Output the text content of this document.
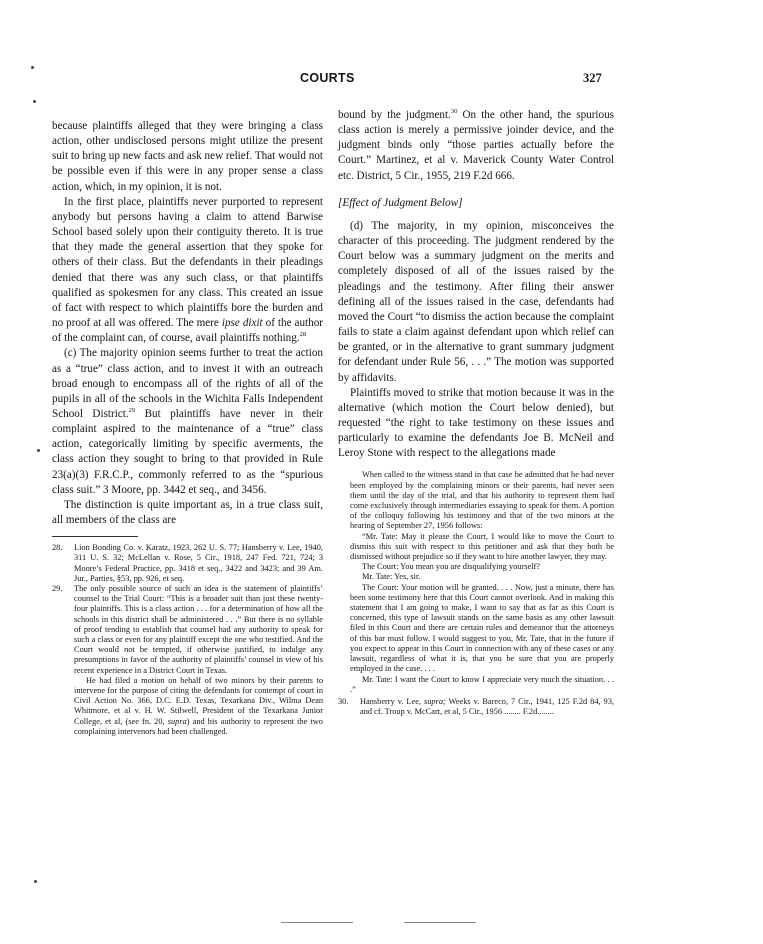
COURTS	327

because plaintiffs alleged that they were bringing a class action, other undisclosed persons might utilize the present suit to bring up new facts and ask new relief. That would not be possible even if this were in any proper sense a class action, which, in my opinion, it is not.

In the first place, plaintiffs never purported to represent anybody but persons having a claim to attend Barwise School based solely upon their contiguity thereto. It is true that they made the general assertion that they spoke for others of their class. But the defendants in their pleadings denied that there was any such class, or that plaintiffs qualified as spokesmen for any class. This created an issue of fact with respect to which plaintiffs bore the burden and no proof at all was offered. The mere ipse dixit of the author of the complaint can, of course, avail plaintiffs nothing.$^{28}$

(c) The majority opinion seems further to treat the action as a “true” class action, and to invest it with an outreach broad enough to encompass all of the rights of all of the pupils in all of the schools in the Wichita Falls Independent School District.$^{29}$ But plaintiffs have never in their complaint aspired to the maintenance of a “true” class action, categorically limiting by specific averments, the class action they sought to bring to that provided in Rule 23(a)(3) F.R.C.P., commonly referred to as the “spurious class suit.” 3 Moore, pp. 3442 et seq., and 3456.

The distinction is quite important as, in a true class suit, all members of the class are

28.	Lion Bonding Co. v. Karatz, 1923, 262 U. S. 77; Hansberry v. Lee, 1940, 311 U. S. 32; McLellan v. Rose, 5 Cir., 1918, 247 Fed. 721, 724; 3 Moore’s Federal Practice, pp. 3418 et seq., 3422 and 3423; and 39 Am. Jur., Parties, §53, pp. 926, et seq.
29.	The only possible source of such an idea is the statement of plaintiffs’ counsel to the Trial Court: “This is a broader suit than just these twenty-four plaintiffs. This is a class action . . . for a determination of how all the schools in this district shall be administered . . .” But there is no syllable of proof tending to establish that counsel had any authority to speak for such a class or even for any plaintiff except the one who testified. And the Court would not be tempted, if otherwise justified, to indulge any presumptions in favor of the authority of plaintiffs’ counsel in view of his recent experience in a District Court in Texas.

He had filed a motion on behalf of two minors by their parents to intervene for the purpose of citing the defendants for contempt of court in Civil Action No. 366, D.C. E.D. Texas, Texarkana Div., Wilma Dean Whitmore, et al v. H. W. Stilwell, President of the Texarkana Junior College, et al, (see fn. 20, supra) and his authority to represent the two complaining intervenors had been challenged.

bound by the judgment.$^{30}$ On the other hand, the spurious class action is merely a permissive joinder device, and the judgment binds only “those parties actually before the Court.” Martinez, et al v. Maverick County Water Control etc. District, 5 Cir., 1955, 219 F.2d 666.

[Effect of Judgment Below]

(d) The majority, in my opinion, misconceives the character of this proceeding. The judgment rendered by the Court below was a summary judgment on the merits and completely disposed of all of the issues raised by the pleadings and the testimony. After filing their answer defining all of the issues raised in the case, defendants had moved the Court “to dismiss the action because the complaint fails to state a claim against defendant upon which relief can be granted, or in the alternative to grant summary judgment for defendant under Rule 56, . . .” The motion was supported by affidavits.

Plaintiffs moved to strike that motion because it was in the alternative (which motion the Court below denied), but requested “the right to take testimony on these issues and particularly to examine the defendants Joe B. McNeil and Leroy Stone with respect to the allegations made

When called to the witness stand in that case he admitted that he had never been employed by the complaining minors or their parents, had never seen them until the day of the trial, and that his authority to represent them had come exclusively through intermediaries essaying to speak for them. A portion of the colloquy following his testimony and that of the two minors at the hearing of September 27, 1956 follows:

“Mr. Tate: May it please the Court, I would like to move the Court to dismiss this suit with respect to this petitioner and ask that they both be dismissed without prejudice so if they want to hire another lawyer, they may.

The Court: You mean you are disqualifying yourself?

Mr. Tate: Yes, sir.

The Court: Your motion will be granted. . . . Now, just a minute, there has been some testimony here that this Court cannot overlook. And in making this statement that I am going to make, I want to say that as far as this Court is concerned, this type of lawsuit stands on the same basis as any other lawsuit filed in this Court and there are certain rules and demeanor that the attorneys of this bar must follow. I would suggest to you, Mr. Tate, that in the future if you expect to appear in this Court in connection with any of these cases or any lawsuit, regardless of what it is, that you be sure that you are properly employed in the case. . . .

Mr. Tate: I want the Court to know I appreciate very much the situation. . . .”

30.	Hansberry v. Lee, supra; Weeks v. Bareco, 7 Cir., 1941, 125 F.2d 84, 93, and cf. Troup v. McCart, et al, 5 Cir., 1956 ........ F.2d........
